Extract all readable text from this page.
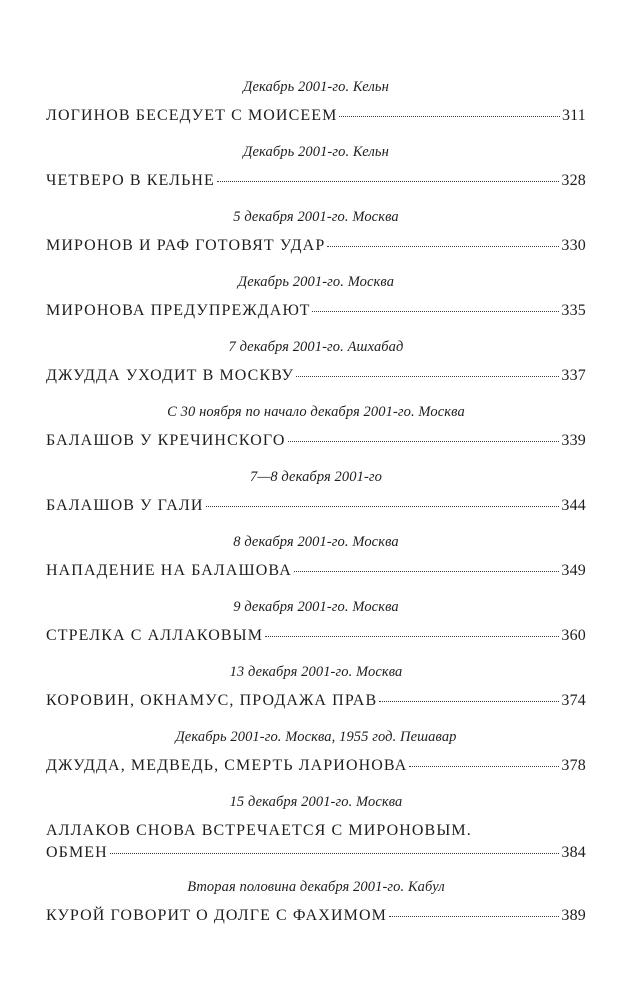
Декабрь 2001-го. Кельн
ЛОГИНОВ БЕСЕДУЕТ С МОИСЕЕМ	311
Декабрь 2001-го. Кельн
ЧЕТВЕРО В КЕЛЬНЕ	328
5 декабря 2001-го. Москва
МИРОНОВ И РАФ ГОТОВЯТ УДАР	330
Декабрь 2001-го. Москва
МИРОНОВА ПРЕДУПРЕЖДАЮТ	335
7 декабря 2001-го. Ашхабад
ДЖУДДА УХОДИТ В МОСКВУ	337
С 30 ноября по начало декабря 2001-го. Москва
БАЛАШОВ У КРЕЧИНСКОГО	339
7—8 декабря 2001-го
БАЛАШОВ У ГАЛИ	344
8 декабря 2001-го. Москва
НАПАДЕНИЕ НА БАЛАШОВА	349
9 декабря 2001-го. Москва
СТРЕЛКА С АЛЛАКОВЫМ	360
13 декабря 2001-го. Москва
КОРОВИН, ОКНАМУС, ПРОДАЖА ПРАВ	374
Декабрь 2001-го. Москва, 1955 год. Пешавар
ДЖУДДА, МЕДВЕДЬ, СМЕРТЬ ЛАРИОНОВА	378
15 декабря 2001-го. Москва
АЛЛАКОВ СНОВА ВСТРЕЧАЕТСЯ С МИРОНОВЫМ.
ОБМЕН	384
Вторая половина декабря 2001-го. Кабул
КУРОЙ ГОВОРИТ О ДОЛГЕ С ФАХИМОМ	389
